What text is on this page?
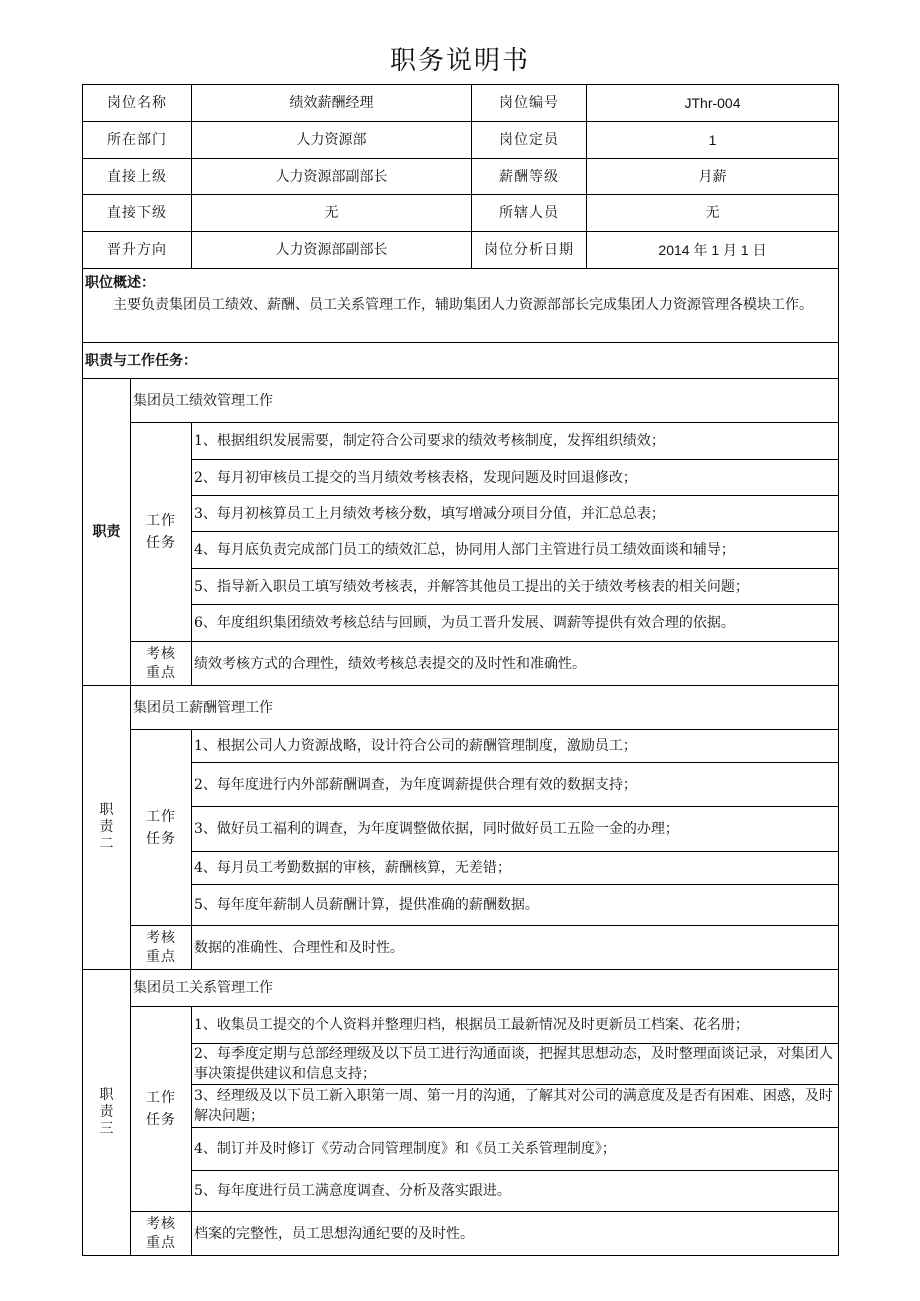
职务说明书
岗位名称		绩效薪酬经理	岗位编号	JThr-004
所在部门		人力资源部	岗位定员	1
直接上级		人力资源部副部长	薪酬等级	月薪
直接下级		无	所辖人员	无
晋升方向		人力资源部副部长	岗位分析日期	2014 年 1 月 1 日

职位概述：
主要负责集团员工绩效、薪酬、员工关系管理工作，辅助集团人力资源部部长完成集团人力资源管理各模块工作。				

职责与工作任务：				
职责	集团员工绩效管理工作			

	工作任务	1、根据组织发展需要，制定符合公司要求的绩效考核制度，发挥组织绩效；		
		2、每月初审核员工提交的当月绩效考核表格，发现问题及时回退修改；		
		3、每月初核算员工上月绩效考核分数，填写增减分项目分值，并汇总总表；		
		4、每月底负责完成部门员工的绩效汇总，协同用人部门主管进行员工绩效面谈和辅导；		
		5、指导新入职员工填写绩效考核表，并解答其他员工提出的关于绩效考核表的相关问题；		
		6、年度组织集团绩效考核总结与回顾，为员工晋升发展、调薪等提供有效合理的依据。		

	考核重点	绩效考核方式的合理性，绩效考核总表提交的及时性和准确性。		

职责二	集团员工薪酬管理工作			

	工作任务	1、根据公司人力资源战略，设计符合公司的薪酬管理制度，激励员工；		
		2、每年度进行内外部薪酬调查，为年度调薪提供合理有效的数据支持；		
		3、做好员工福利的调查，为年度调整做依据，同时做好员工五险一金的办理；		
		4、每月员工考勤数据的审核，薪酬核算，无差错；		
		5、每年度年薪制人员薪酬计算，提供准确的薪酬数据。		

	考核重点	数据的准确性、合理性和及时性。		

职责三	集团员工关系管理工作			

	工作任务	1、收集员工提交的个人资料并整理归档，根据员工最新情况及时更新员工档案、花名册；		
		2、每季度定期与总部经理级及以下员工进行沟通面谈，把握其思想动态，及时整理面谈记录，对集团人事决策提供建议和信息支持；		
		3、经理级及以下员工新入职第一周、第一月的沟通，了解其对公司的满意度及是否有困难、困惑，及时解决问题；		
		4、制订并及时修订《劳动合同管理制度》和《员工关系管理制度》；		
		5、每年度进行员工满意度调查、分析及落实跟进。		

	考核重点	档案的完整性，员工思想沟通纪要的及时性。		
